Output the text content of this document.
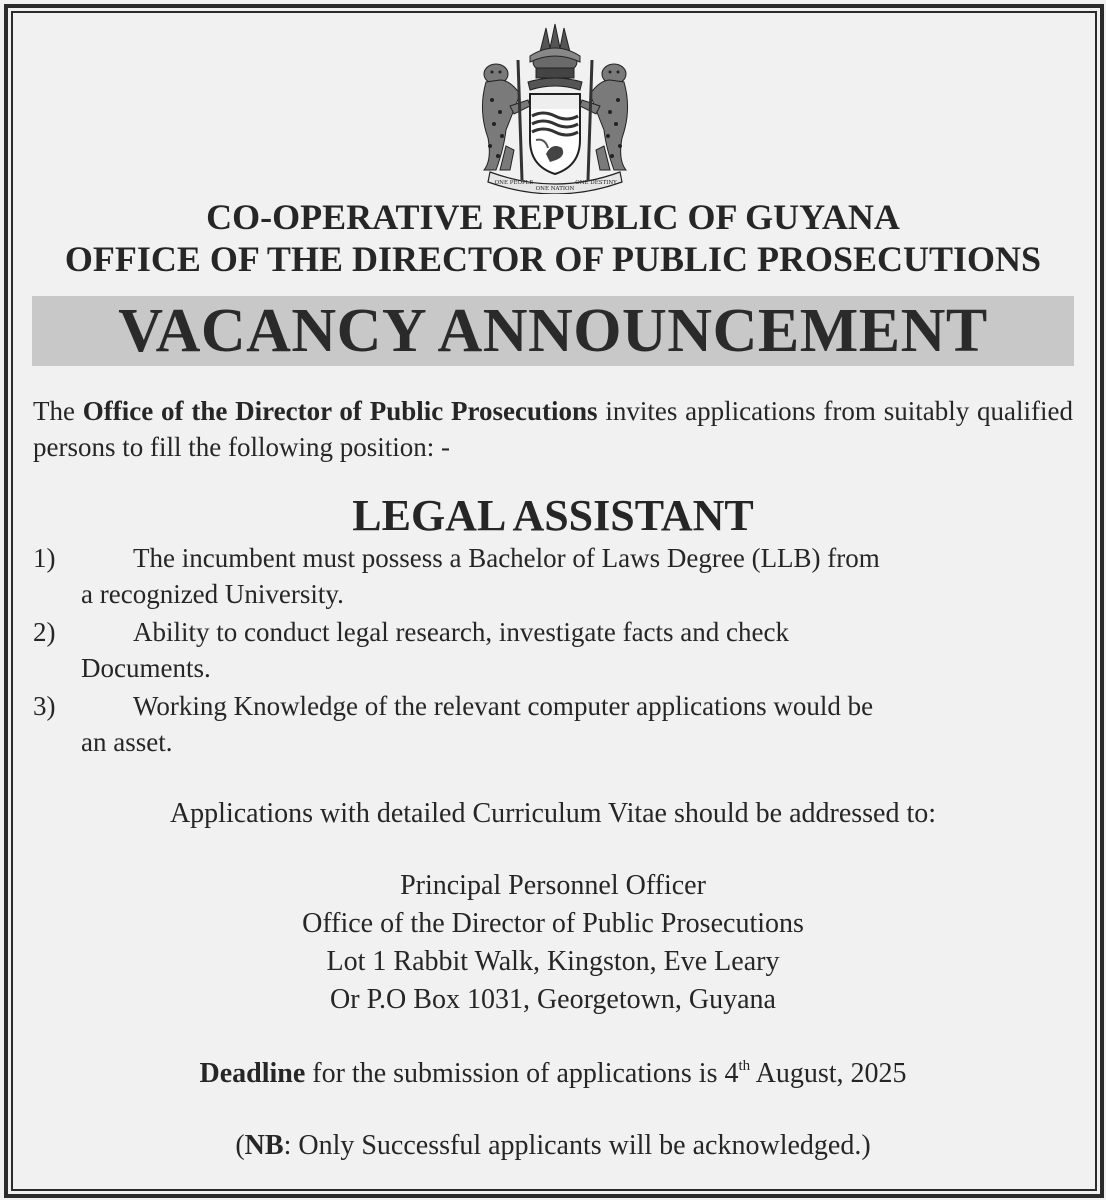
ONE PEOPLE
ONE NATION
ONE DESTINY
CO-OPERATIVE REPUBLIC OF GUYANA
OFFICE OF THE DIRECTOR OF PUBLIC PROSECUTIONS
VACANCY ANNOUNCEMENT

The Office of the Director of Public Prosecutions invites applications from suitably qualified persons to fill the following position: -

LEGAL ASSISTANT
1)	The incumbent must possess a Bachelor of Laws Degree (LLB) from
a recognized University.
2)	Ability to conduct legal research, investigate facts and check
Documents.
3)	Working Knowledge of the relevant computer applications would be
an asset.

Applications with detailed Curriculum Vitae should be addressed to:

Principal Personnel Officer

Office of the Director of Public Prosecutions

Lot 1 Rabbit Walk, Kingston, Eve Leary

Or P.O Box 1031, Georgetown, Guyana

Deadline for the submission of applications is 4th August, 2025

(NB: Only Successful applicants will be acknowledged.)
